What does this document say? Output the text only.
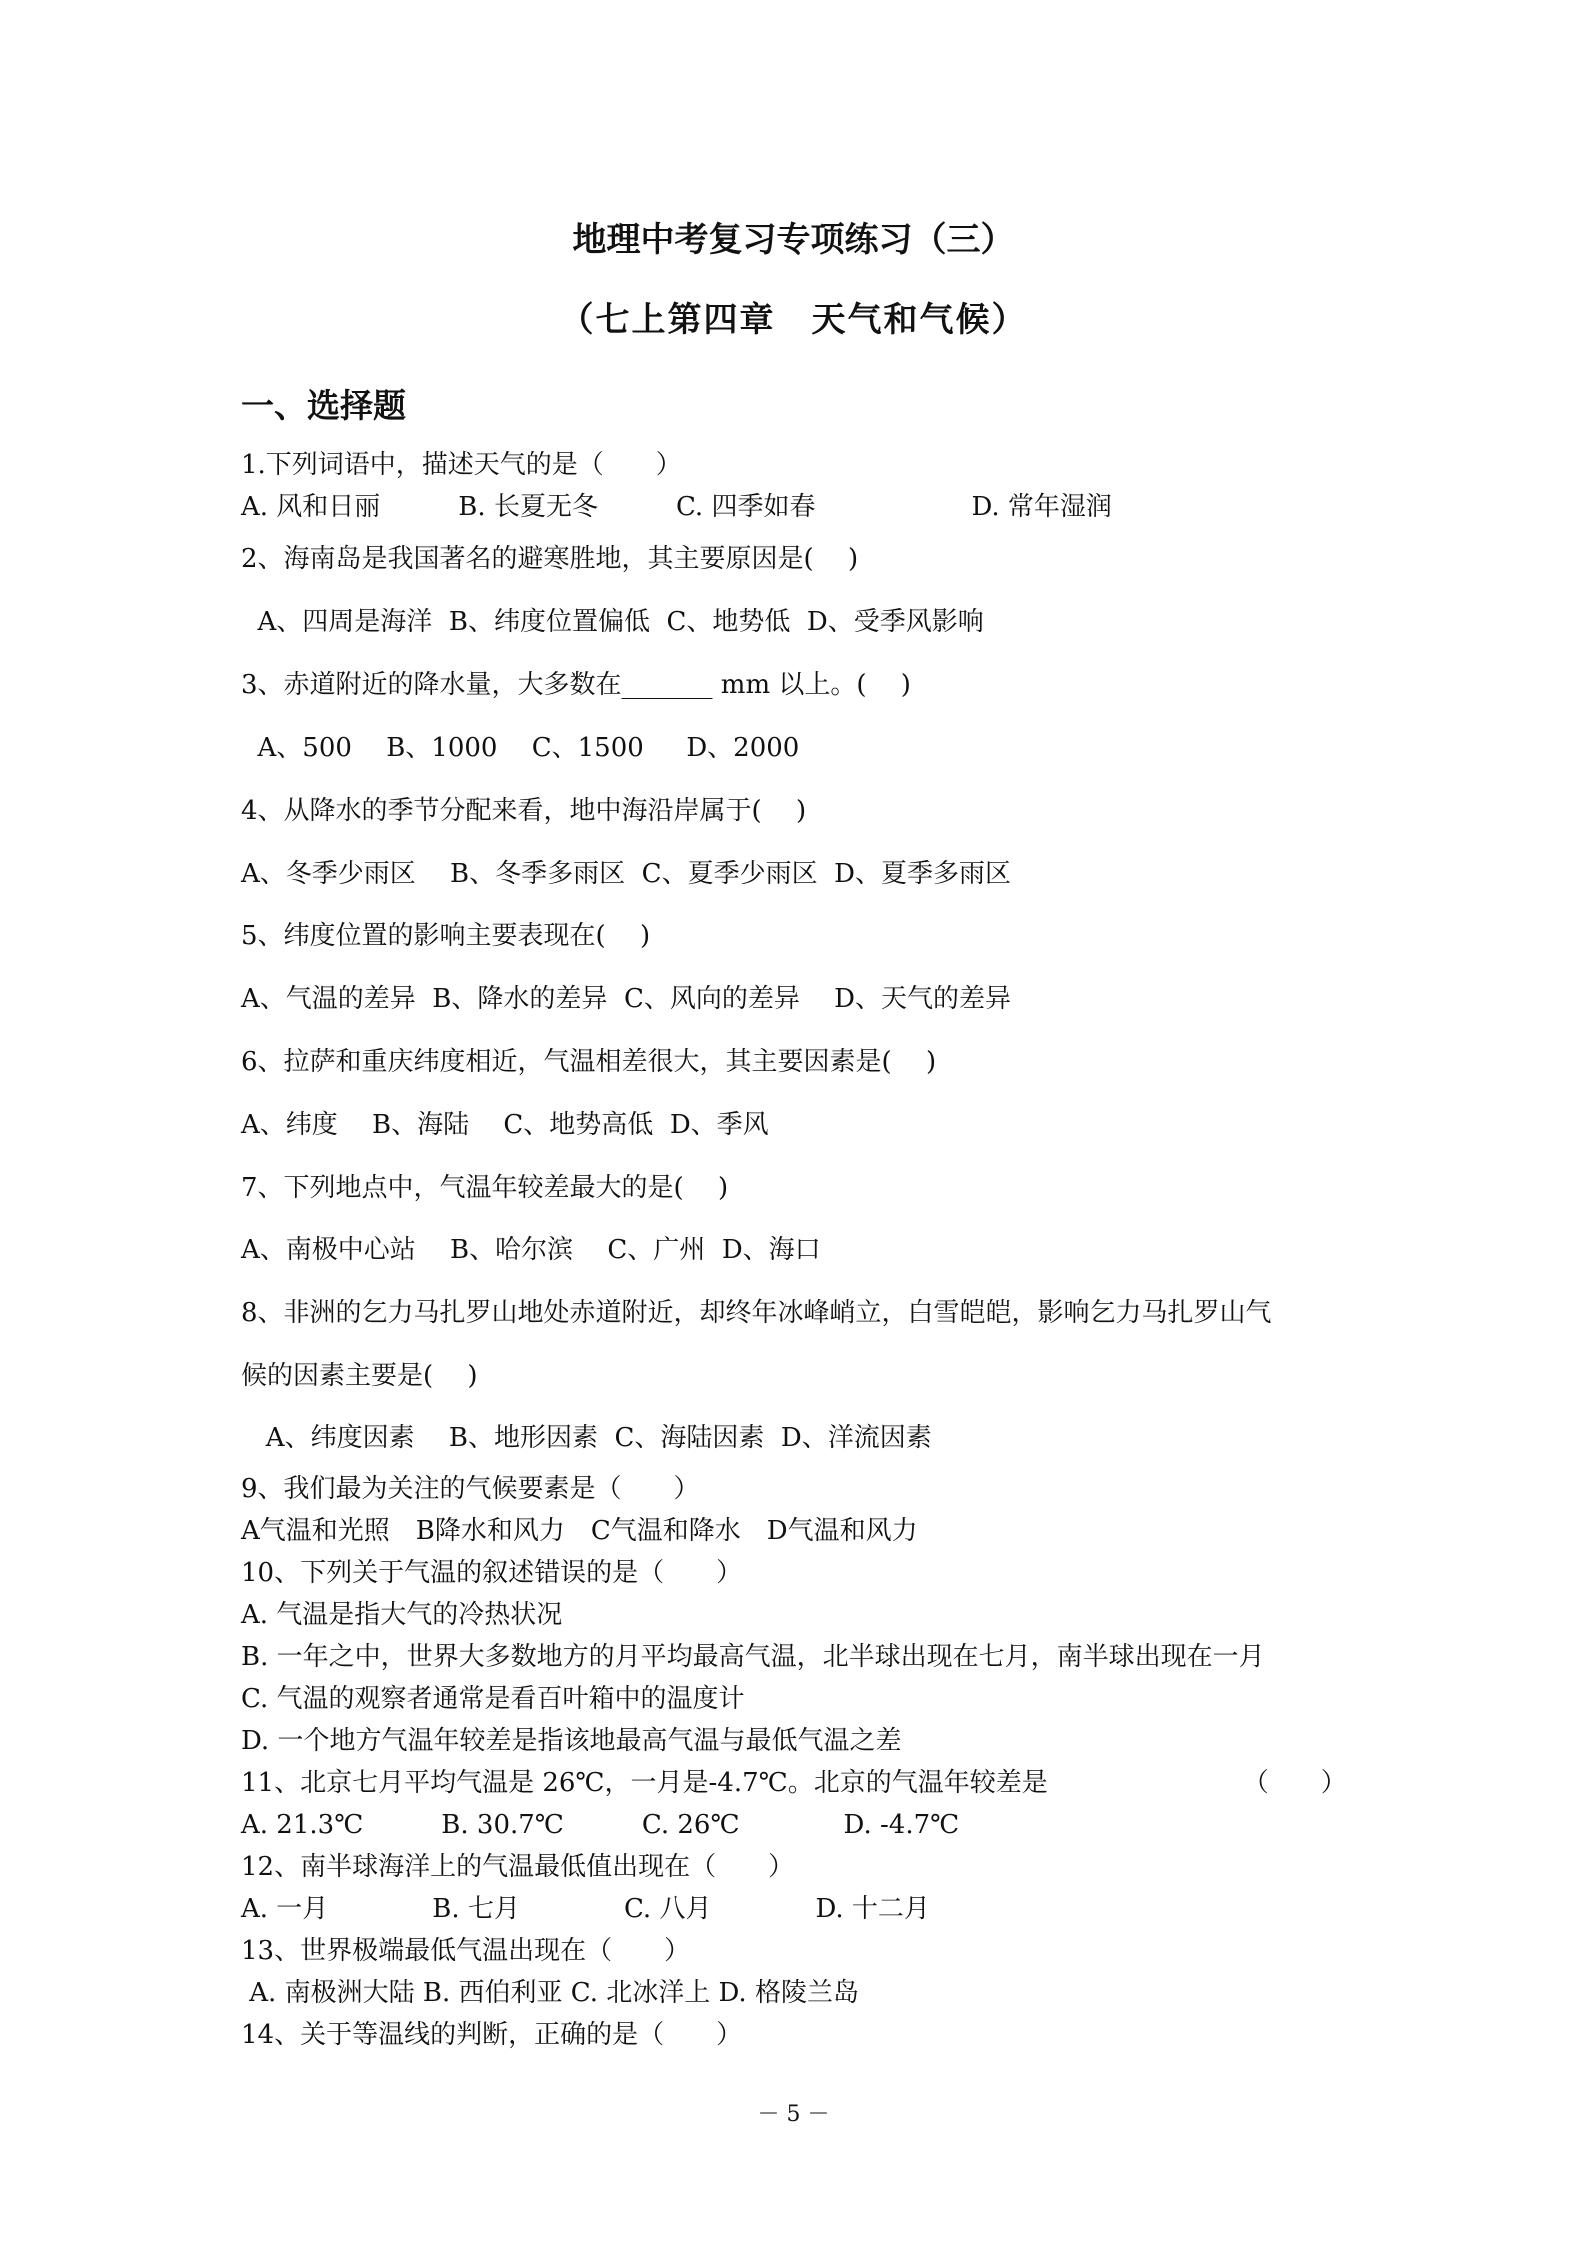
地理中考复习专项练习（三）
（七上第四章　天气和气候）
一、选择题
1.下列词语中，描述天气的是（　　）
A. 风和日丽　　　B. 长夏无冬　　　C. 四季如春　　　　　　D. 常年湿润
2、海南岛是我国著名的避寒胜地，其主要原因是(　 )
A、四周是海洋  B、纬度位置偏低  C、地势低  D、受季风影响
3、赤道附近的降水量，大多数在_______ mm 以上。(　 )
A、500　 B、1000　 C、1500　  D、2000
4、从降水的季节分配来看，地中海沿岸属于(　 )
A、冬季少雨区　 B、冬季多雨区  C、夏季少雨区  D、夏季多雨区
5、纬度位置的影响主要表现在(　 )
A、气温的差异  B、降水的差异  C、风向的差异　 D、天气的差异
6、拉萨和重庆纬度相近，气温相差很大，其主要因素是(　 )
A、纬度　 B、海陆　 C、地势高低  D、季风
7、下列地点中，气温年较差最大的是(　 )
A、南极中心站　 B、哈尔滨　 C、广州  D、海口
8、非洲的乞力马扎罗山地处赤道附近，却终年冰峰峭立，白雪皑皑，影响乞力马扎罗山气
候的因素主要是(　 )
A、纬度因素　 B、地形因素  C、海陆因素  D、洋流因素
9、我们最为关注的气候要素是（　　）
A气温和光照　B降水和风力　C气温和降水　D气温和风力
10、下列关于气温的叙述错误的是（　　）
A. 气温是指大气的冷热状况
B. 一年之中，世界大多数地方的月平均最高气温，北半球出现在七月，南半球出现在一月
C. 气温的观察者通常是看百叶箱中的温度计
D. 一个地方气温年较差是指该地最高气温与最低气温之差
11、北京七月平均气温是 26℃，一月是-4.7℃。北京的气温年较差是　　　　　　　　（　　）
A. 21.3℃　　　B. 30.7℃　　　C. 26℃　　　　D. -4.7℃
12、南半球海洋上的气温最低值出现在（　　）
A. 一月　　　　B. 七月　　　　C. 八月　　　　D. 十二月
13、世界极端最低气温出现在（　　）
A. 南极洲大陆 B. 西伯利亚 C. 北冰洋上 D. 格陵兰岛
14、关于等温线的判断，正确的是（　　）
－ 5 －
